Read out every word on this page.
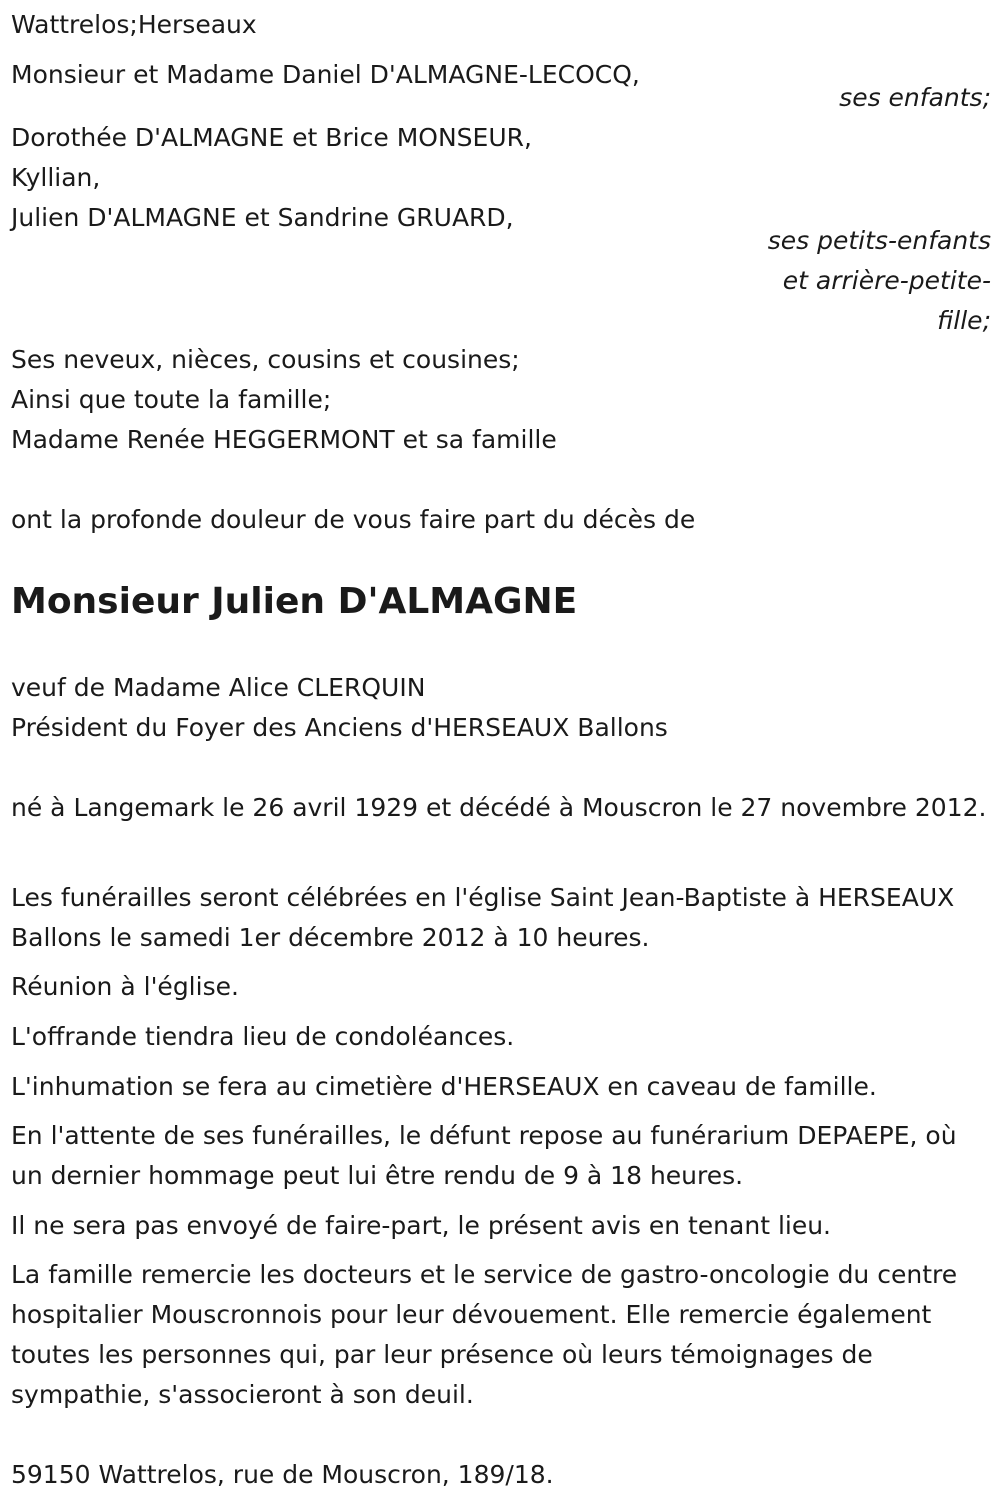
Wattrelos;Herseaux
Monsieur et Madame Daniel D'ALMAGNE-LECOCQ,
ses enfants;
Dorothée D'ALMAGNE et Brice MONSEUR,
Kyllian,
Julien D'ALMAGNE et Sandrine GRUARD,
ses petits-enfants
et arrière-petite-
fille;
Ses neveux, nièces, cousins et cousines;
Ainsi que toute la famille;
Madame Renée HEGGERMONT et sa famille
ont la profonde douleur de vous faire part du décès de
Monsieur Julien D'ALMAGNE
veuf de Madame Alice CLERQUIN
Président du Foyer des Anciens d'HERSEAUX Ballons
né à Langemark le 26 avril 1929 et décédé à Mouscron le 27 novembre 2012.
Les funérailles seront célébrées en l'église Saint Jean-Baptiste à HERSEAUX Ballons le samedi 1er décembre 2012 à 10 heures.
Réunion à l'église.
L'offrande tiendra lieu de condoléances.
L'inhumation se fera au cimetière d'HERSEAUX en caveau de famille.
En l'attente de ses funérailles, le défunt repose au funérarium DEPAEPE, où un dernier hommage peut lui être rendu de 9 à 18 heures.
Il ne sera pas envoyé de faire-part, le présent avis en tenant lieu.
La famille remercie les docteurs et le service de gastro-oncologie du centre hospitalier Mouscronnois pour leur dévouement. Elle remercie également toutes les personnes qui, par leur présence où leurs témoignages de sympathie, s'associeront à son deuil.
59150 Wattrelos, rue de Mouscron, 189/18.
